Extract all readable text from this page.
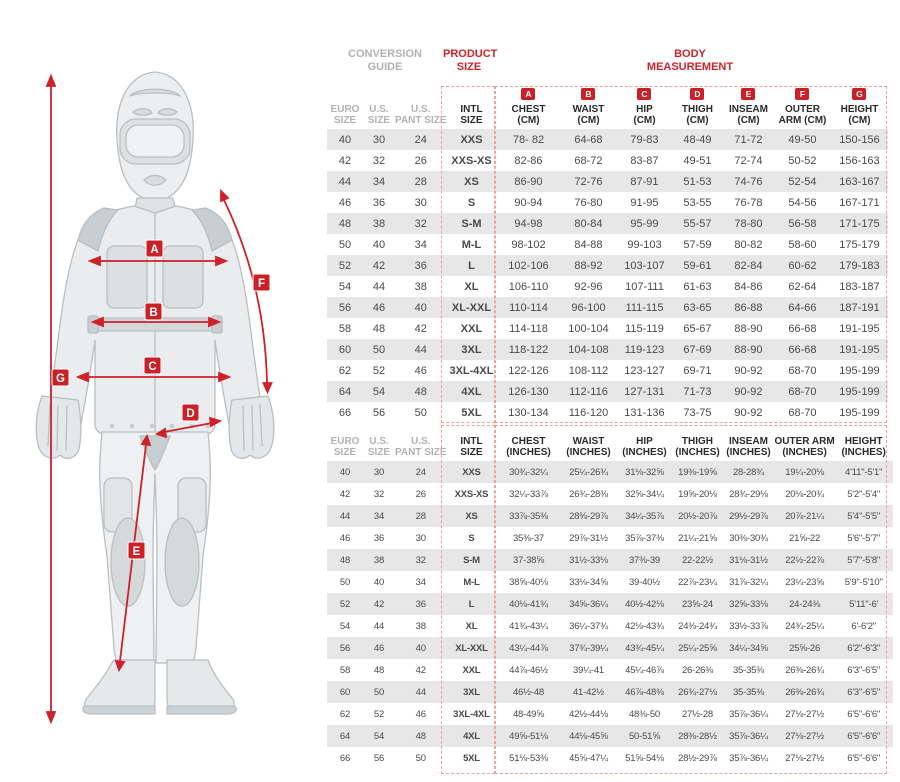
A
B
C
D
E
F
G
CONVERSION
GUIDE
PRODUCT
SIZE
BODY
MEASUREMENT
				A	B	C	D	E	F	G

EURO
SIZE

U.S.
SIZE

U.S.
PANT SIZE

INTL
SIZE

CHEST
(CM)

WAIST
(CM)

HIP
(CM)

THIGH
(CM)

INSEAM
(CM)

OUTER
ARM (CM)

HEIGHT
(CM)

40	30	24	XXS	78- 82	64-68	79-83	48-49	71-72	49-50	150-156
42	32	26	XXS-XS	82-86	68-72	83-87	49-51	72-74	50-52	156-163
44	34	28	XS	86-90	72-76	87-91	51-53	74-76	52-54	163-167
46	36	30	S	90-94	76-80	91-95	53-55	76-78	54-56	167-171
48	38	32	S-M	94-98	80-84	95-99	55-57	78-80	56-58	171-175
50	40	34	M-L	98-102	84-88	99-103	57-59	80-82	58-60	175-179
52	42	36	L	102-106	88-92	103-107	59-61	82-84	60-62	179-183
54	44	38	XL	106-110	92-96	107-111	61-63	84-86	62-64	183-187
56	46	40	XL-XXL	110-114	96-100	111-115	63-65	86-88	64-66	187-191
58	48	42	XXL	114-118	100-104	115-119	65-67	88-90	66-68	191-195
60	50	44	3XL	118-122	104-108	119-123	67-69	88-90	66-68	191-195
62	52	46	3XL-4XL	122-126	108-112	123-127	69-71	90-92	68-70	195-199
64	54	48	4XL	126-130	112-116	127-131	71-73	90-92	68-70	195-199
66	56	50	5XL	130-134	116-120	131-136	73-75	90-92	68-70	195-199
EURO
SIZE

U.S.
SIZE

U.S.
PANT SIZE

INTL
SIZE

CHEST
(INCHES)

WAIST
(INCHES)

HIP
(INCHES)

THIGH
(INCHES)

INSEAM
(INCHES)

OUTER ARM
(INCHES)

HEIGHT
(INCHES)

40	30	24	XXS	30¾-32¼	25¼-26¾	31⅛-32⅝	19⅜-19⅝	28-28¾	19¼-20⅛	4'11"-5'1"
42	32	26	XXS-XS	32¼-33⅞	26¾-28⅜	32⅝-34¼	19⅝-20⅛	28¾-29⅛	20⅛-20¾	5'2"-5'4"
44	34	28	XS	33⅞-35⅜	28⅜-29⅞	34¼-35⅞	20½-20⅞	29½-29⅞	20⅞-21¼	5'4"-5'5"
46	36	30	S	35⅜-37	29⅞-31½	35⅞-37⅜	21¼-21⅝	30⅜-30¾	21⅝-22	5'6"-5'7"
48	38	32	S-M	37-38⅝	31½-33⅛	37⅜-39	22-22½	31⅛-31½	22½-22⅞	5'7"-5'8"
50	40	34	M-L	38⅝-40⅛	33⅛-34⅝	39-40½	22⅞-23¼	31⅞-32¼	23¼-23⅝	5'9"-5'10"
52	42	36	L	40⅛-41¾	34⅝-36¼	40½-42⅛	23⅝-24	32⅝-33⅛	24-24⅜	5'11"-6'
54	44	38	XL	41¾-43¼	36¼-37¾	42⅛-43¾	24⅜-24¾	33½-33⅞	24¾-25¼	6'-6'2"
56	46	40	XL-XXL	43¼-44⅞	37¾-39¼	43¾-45¼	25¼-25⅝	34¼-34⅝	25⅝-26	6'2"-6'3"
58	48	42	XXL	44⅞-46½	39¼-41	45¼-46⅞	26-26⅜	35-35⅜	26⅜-26¾	6'3"-6'5"
60	50	44	3XL	46½-48	41-42½	46⅞-48⅜	26¾-27⅛	35-35⅜	26⅜-26¾	6'3"-6'5"
62	52	46	3XL-4XL	48-49⅝	42½-44⅛	48⅜-50	27½-28	35⅞-36¼	27⅛-27½	6'5"-6'6"
64	54	48	4XL	49⅝-51⅛	44⅛-45⅝	50-51⅝	28⅜-28½	35⅞-36¼	27⅛-27½	6'5"-6'6"
66	56	50	5XL	51⅛-53⅜	45⅝-47¼	51⅝-54⅛	28½-29⅞	35⅞-36¼	27⅛-27½	6'5"-6'6"
